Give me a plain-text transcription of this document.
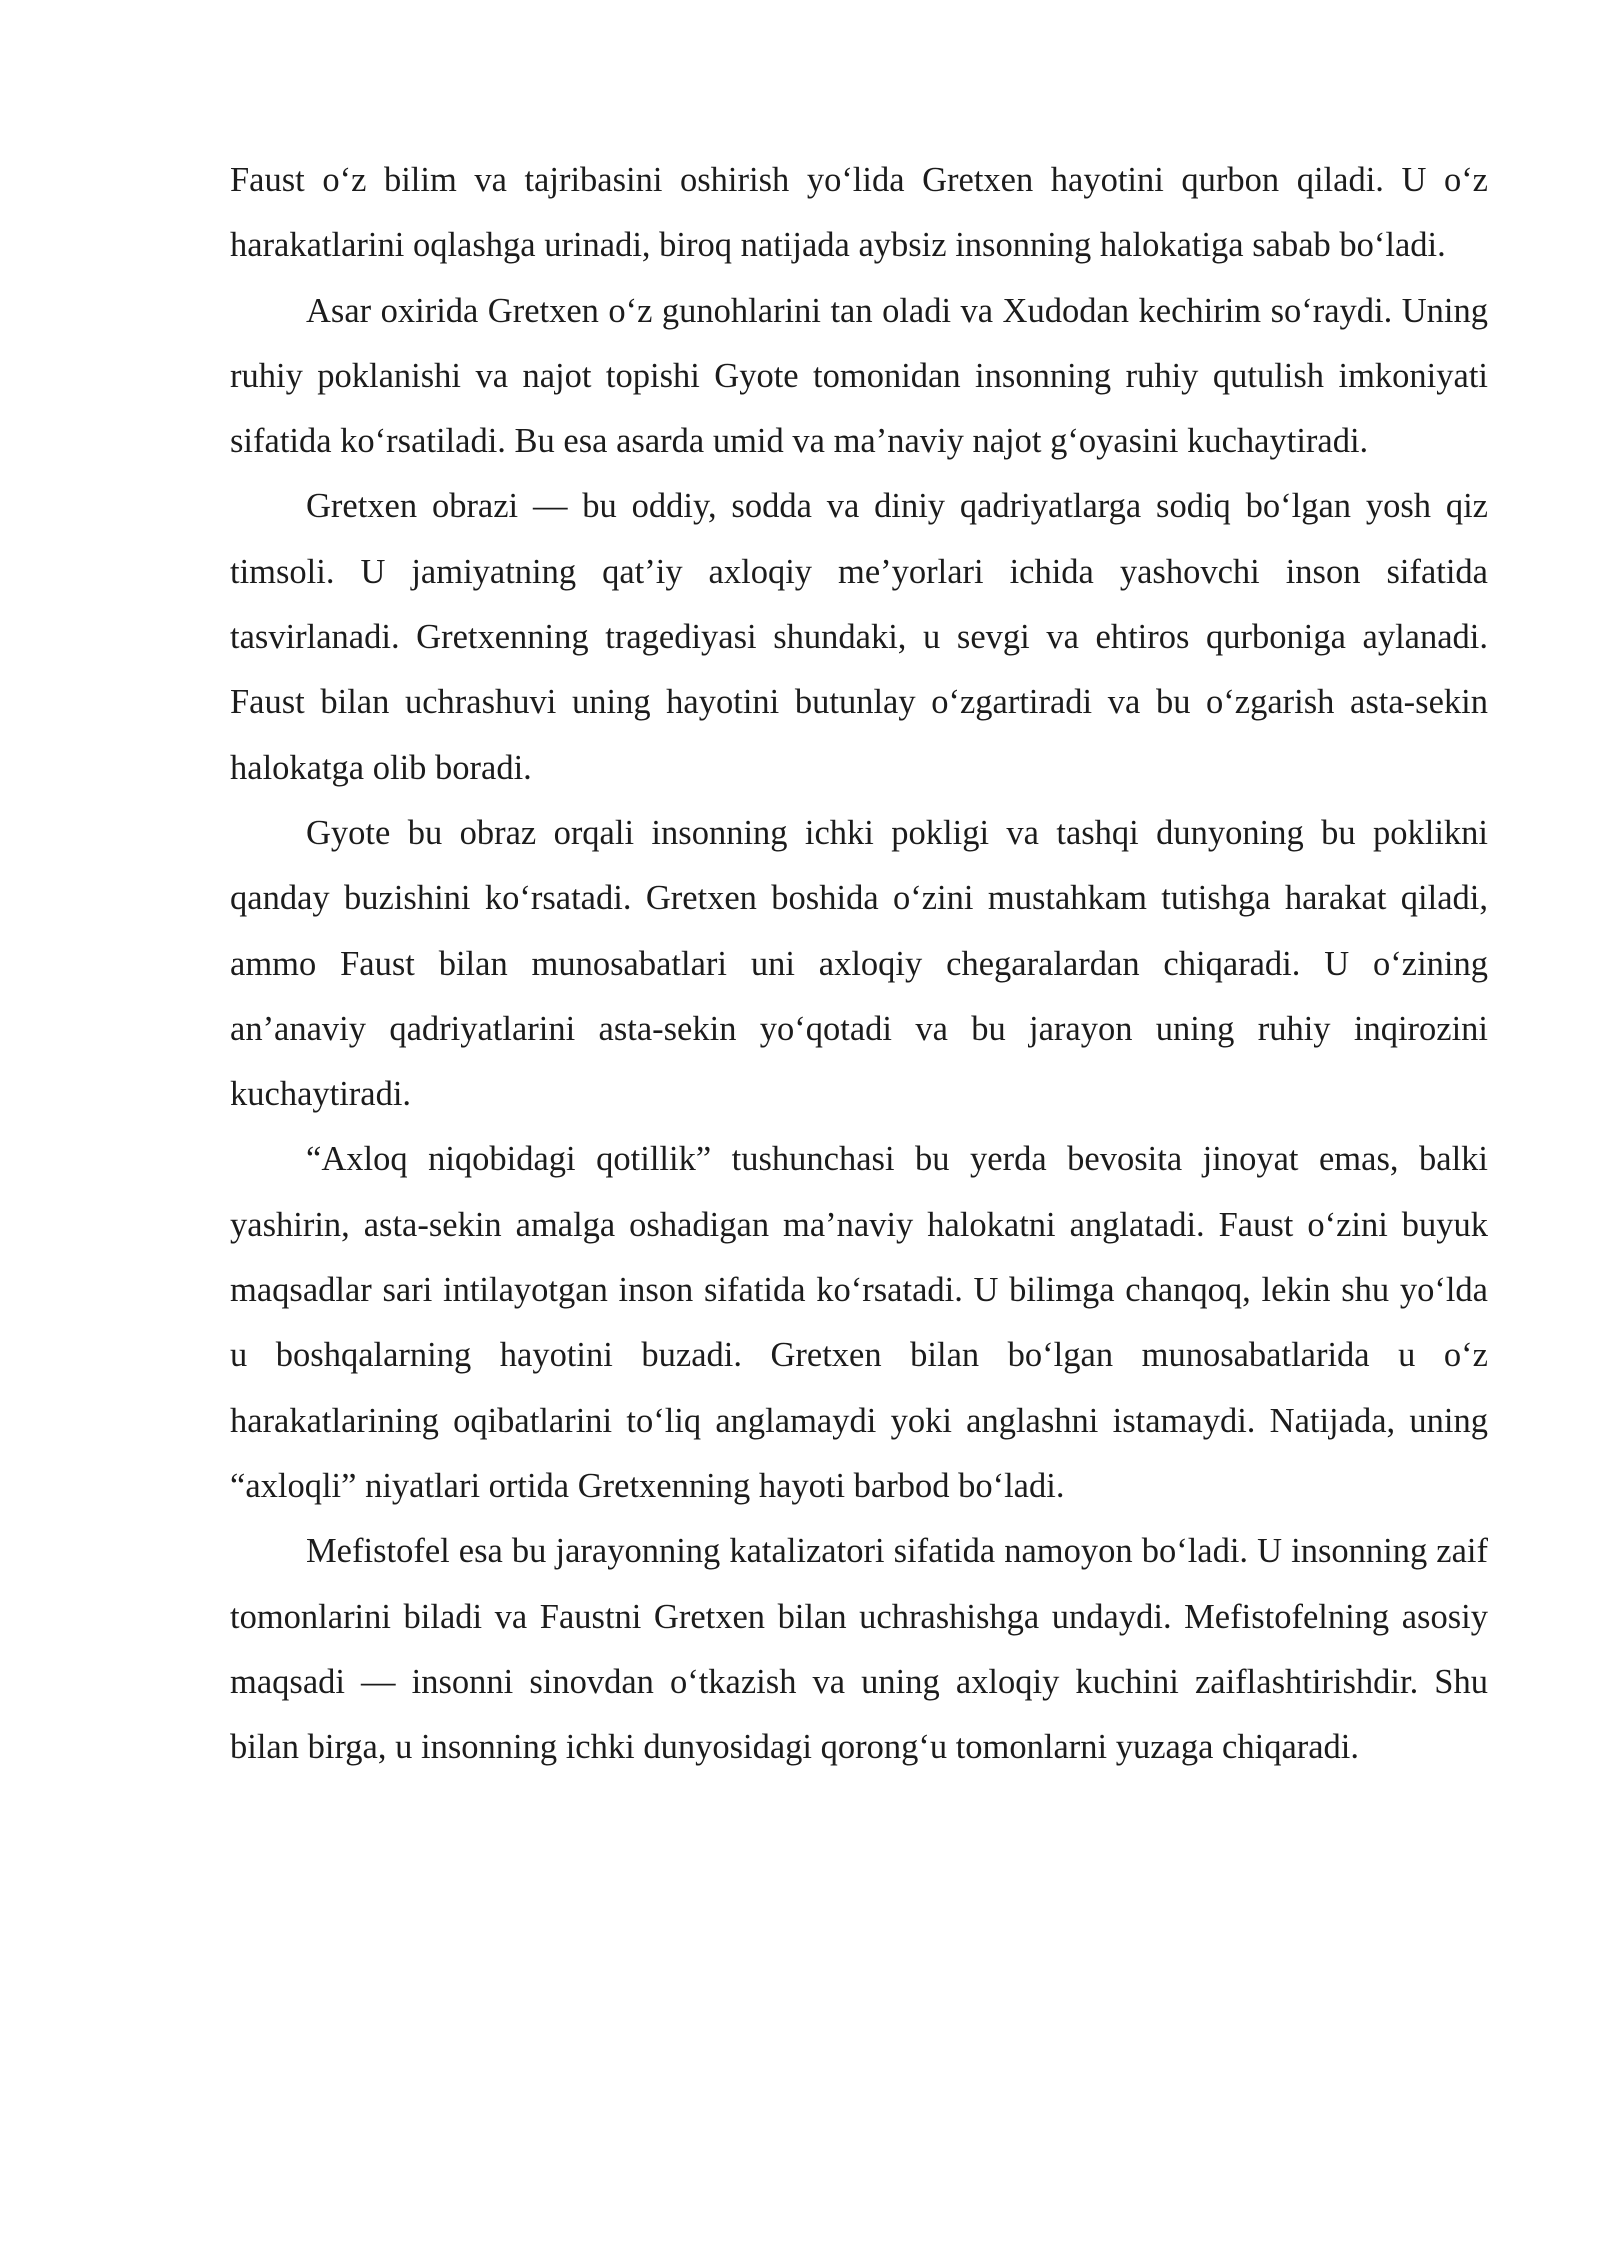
Faust o‘z bilim va tajribasini oshirish yo‘lida Gretxen hayotini qurbon qiladi. U o‘z harakatlarini oqlashga urinadi, biroq natijada aybsiz insonning halokatiga sabab bo‘ladi.

Asar oxirida Gretxen o‘z gunohlarini tan oladi va Xudodan kechirim so‘raydi. Uning ruhiy poklanishi va najot topishi Gyote tomonidan insonning ruhiy qutulish imkoniyati sifatida ko‘rsatiladi. Bu esa asarda umid va ma’naviy najot g‘oyasini kuchaytiradi.

Gretxen obrazi — bu oddiy, sodda va diniy qadriyatlarga sodiq bo‘lgan yosh qiz timsoli. U jamiyatning qat’iy axloqiy me’yorlari ichida yashovchi inson sifatida tasvirlanadi. Gretxenning tragediyasi shundaki, u sevgi va ehtiros qurboniga aylanadi. Faust bilan uchrashuvi uning hayotini butunlay o‘zgartiradi va bu o‘zgarish asta-sekin halokatga olib boradi.

Gyote bu obraz orqali insonning ichki pokligi va tashqi dunyoning bu poklikni qanday buzishini ko‘rsatadi. Gretxen boshida o‘zini mustahkam tutishga harakat qiladi, ammo Faust bilan munosabatlari uni axloqiy chegaralardan chiqaradi. U o‘zining an’anaviy qadriyatlarini asta-sekin yo‘qotadi va bu jarayon uning ruhiy inqirozini kuchaytiradi.

“Axloq niqobidagi qotillik” tushunchasi bu yerda bevosita jinoyat emas, balki yashirin, asta-sekin amalga oshadigan ma’naviy halokatni anglatadi. Faust o‘zini buyuk maqsadlar sari intilayotgan inson sifatida ko‘rsatadi. U bilimga chanqoq, lekin shu yo‘lda u boshqalarning hayotini buzadi. Gretxen bilan bo‘lgan munosabatlarida u o‘z harakatlarining oqibatlarini to‘liq anglamaydi yoki anglashni istamaydi. Natijada, uning “axloqli” niyatlari ortida Gretxenning hayoti barbod bo‘ladi.

Mefistofel esa bu jarayonning katalizatori sifatida namoyon bo‘ladi. U insonning zaif tomonlarini biladi va Faustni Gretxen bilan uchrashishga undaydi. Mefistofelning asosiy maqsadi — insonni sinovdan o‘tkazish va uning axloqiy kuchini zaiflashtirishdir. Shu bilan birga, u insonning ichki dunyosidagi qorong‘u tomonlarni yuzaga chiqaradi.
